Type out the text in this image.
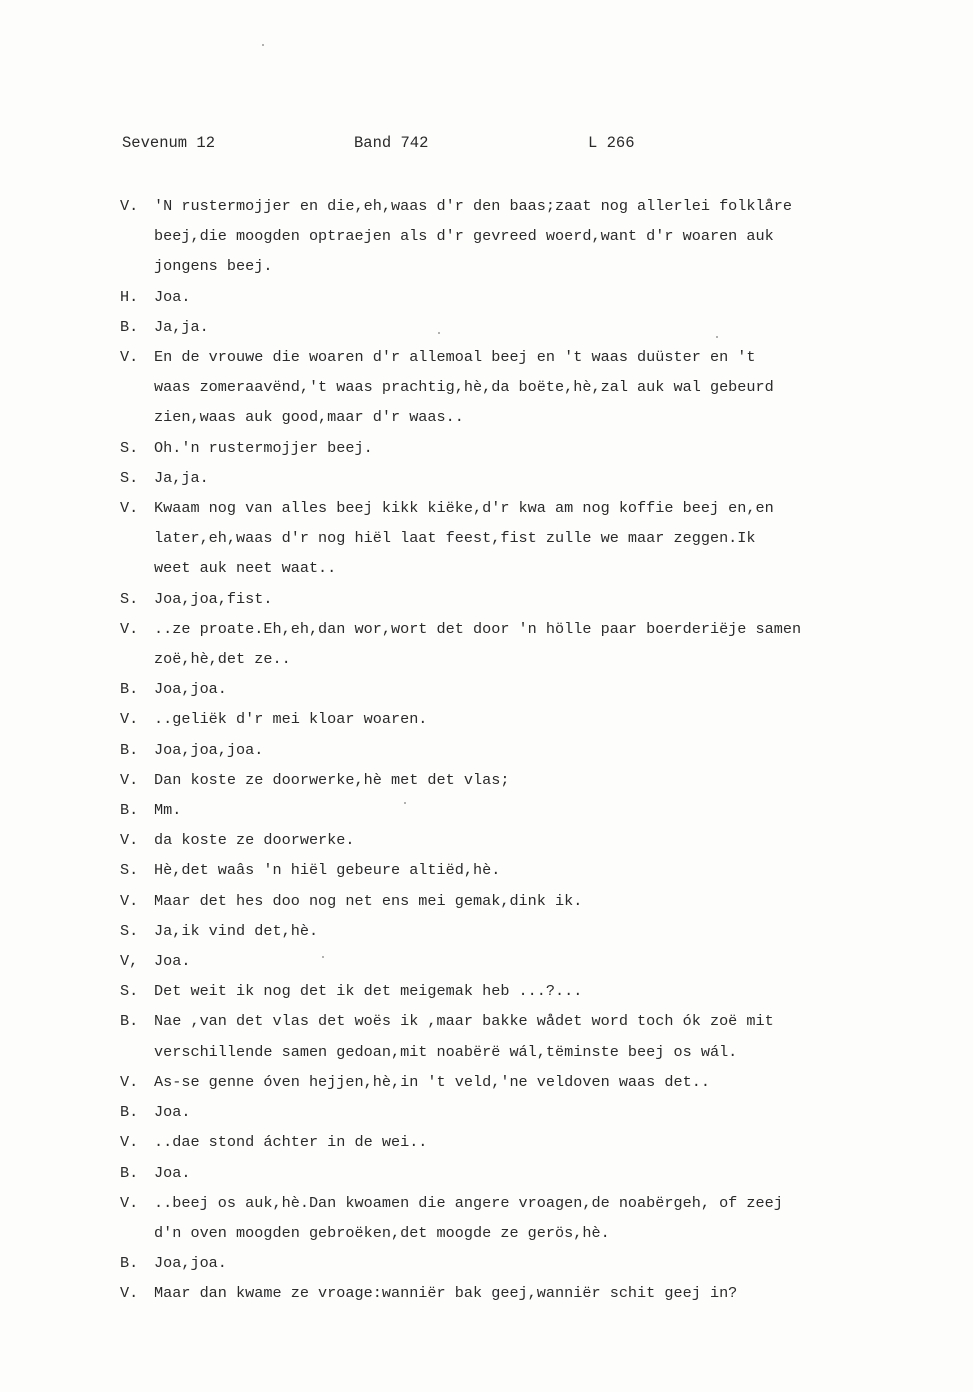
Sevenum 12	Band 742	L 266
V.	'N rustermojjer en die,eh,waas d'r den baas;zaat nog allerlei folklåre
beej,die moogden optraejen als d'r gevreed woerd,want d'r woaren auk
jongens beej.
H.	Joa.
B.	Ja,ja.
V.	En de vrouwe die woaren d'r allemoal beej en 't waas duüster en 't
waas zomeraavënd,'t waas prachtig,hè,da boëte,hè,zal auk wal gebeurd
zien,waas auk good,maar d'r waas..
S.	Oh.'n rustermojjer beej.
S.	Ja,ja.
V.	Kwaam nog van alles beej kikk kiëke,d'r kwa am nog koffie beej en,en
later,eh,waas d'r nog hiël laat feest,fist zulle we maar zeggen.Ik
weet auk neet waat..
S.	Joa,joa,fist.
V.	..ze proate.Eh,eh,dan wor,wort det door 'n hölle paar boerderiëje samen
zoë,hè,det ze..
B.	Joa,joa.
V.	..geliëk d'r mei kloar woaren.
B.	Joa,joa,joa.
V.	Dan koste ze doorwerke,hè met det vlas;
B.	Mm.
V.	da koste ze doorwerke.
S.	Hè,det waâs 'n hiël gebeure altiëd,hè.
V.	Maar det hes doo nog net ens mei gemak,dink ik.
S.	Ja,ik vind det,hè.
V,	Joa.
S.	Det weit ik nog det ik det meigemak heb ...?...
B.	Nae ,van det vlas det woës ik ,maar bakke wådet word toch ók zoë mit
verschillende samen gedoan,mit noabërë wál,tëminste beej os wál.
V.	As-se genne óven hejjen,hè,in 't veld,'ne veldoven waas det..
B.	Joa.
V.	..dae stond áchter in de wei..
B.	Joa.
V.	..beej os auk,hè.Dan kwoamen die angere vroagen,de noabërgeh, of zeej
d'n oven moogden gebroëken,det moogde ze gerös,hè.
B.	Joa,joa.
V.	Maar dan kwame ze vroage:wanniër bak geej,wanniër schit geej in?
